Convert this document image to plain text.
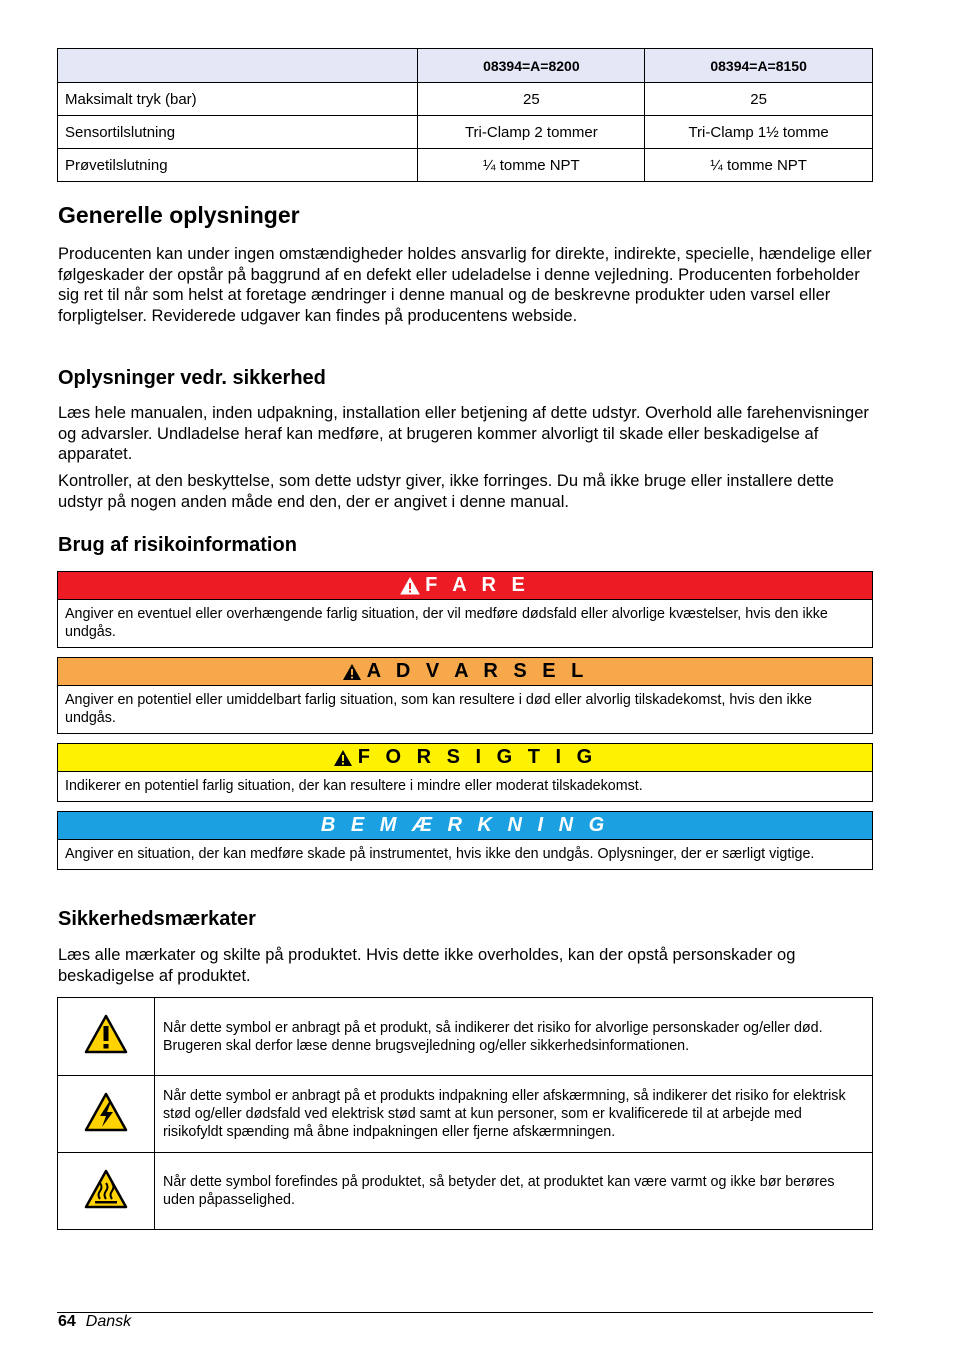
	08394=A=8200	08394=A=8150
Maksimalt tryk (bar)	25	25
Sensortilslutning	Tri-Clamp 2 tommer	Tri-Clamp 1½ tomme
Prøvetilslutning	¼ tomme NPT	¼ tomme NPT
Generelle oplysninger

Producenten kan under ingen omstændigheder holdes ansvarlig for direkte, indirekte, specielle, hændelige eller følgeskader der opstår på baggrund af en defekt eller udeladelse i denne vejledning. Producenten forbeholder sig ret til når som helst at foretage ændringer i denne manual og de beskrevne produkter uden varsel eller forpligtelser. Reviderede udgaver kan findes på producentens webside.

Oplysninger vedr. sikkerhed

Læs hele manualen, inden udpakning, installation eller betjening af dette udstyr. Overhold alle farehenvisninger og advarsler. Undladelse heraf kan medføre, at brugeren kommer alvorligt til skade eller beskadigelse af apparatet.

Kontroller, at den beskyttelse, som dette udstyr giver, ikke forringes. Du må ikke bruge eller installere dette udstyr på nogen anden måde end den, der er angivet i denne manual.

Brug af risikoinformation
F A R E
Angiver en eventuel eller overhængende farlig situation, der vil medføre dødsfald eller alvorlige kvæstelser, hvis den ikke undgås.
A D V A R S E L
Angiver en potentiel eller umiddelbart farlig situation, som kan resultere i død eller alvorlig tilskadekomst, hvis den ikke undgås.
F O R S I G T I G
Indikerer en potentiel farlig situation, der kan resultere i mindre eller moderat tilskadekomst.
B E M Æ R K N I N G
Angiver en situation, der kan medføre skade på instrumentet, hvis ikke den undgås. Oplysninger, der er særligt vigtige.
Sikkerhedsmærkater

Læs alle mærkater og skilte på produktet. Hvis dette ikke overholdes, kan der opstå personskader og beskadigelse af produktet.

	Når dette symbol er anbragt på et produkt, så indikerer det risiko for alvorlige personskader og/eller død. Brugeren skal derfor læse denne brugsvejledning og/eller sikkerhedsinformationen.
	Når dette symbol er anbragt på et produkts indpakning eller afskærmning, så indikerer det risiko for elektrisk stød og/eller dødsfald ved elektrisk stød samt at kun personer, som er kvalificerede til at arbejde med risikofyldt spænding må åbne indpakningen eller fjerne afskærmningen.
	Når dette symbol forefindes på produktet, så betyder det, at produktet kan være varmt og ikke bør berøres uden påpasselighed.
64 Dansk
